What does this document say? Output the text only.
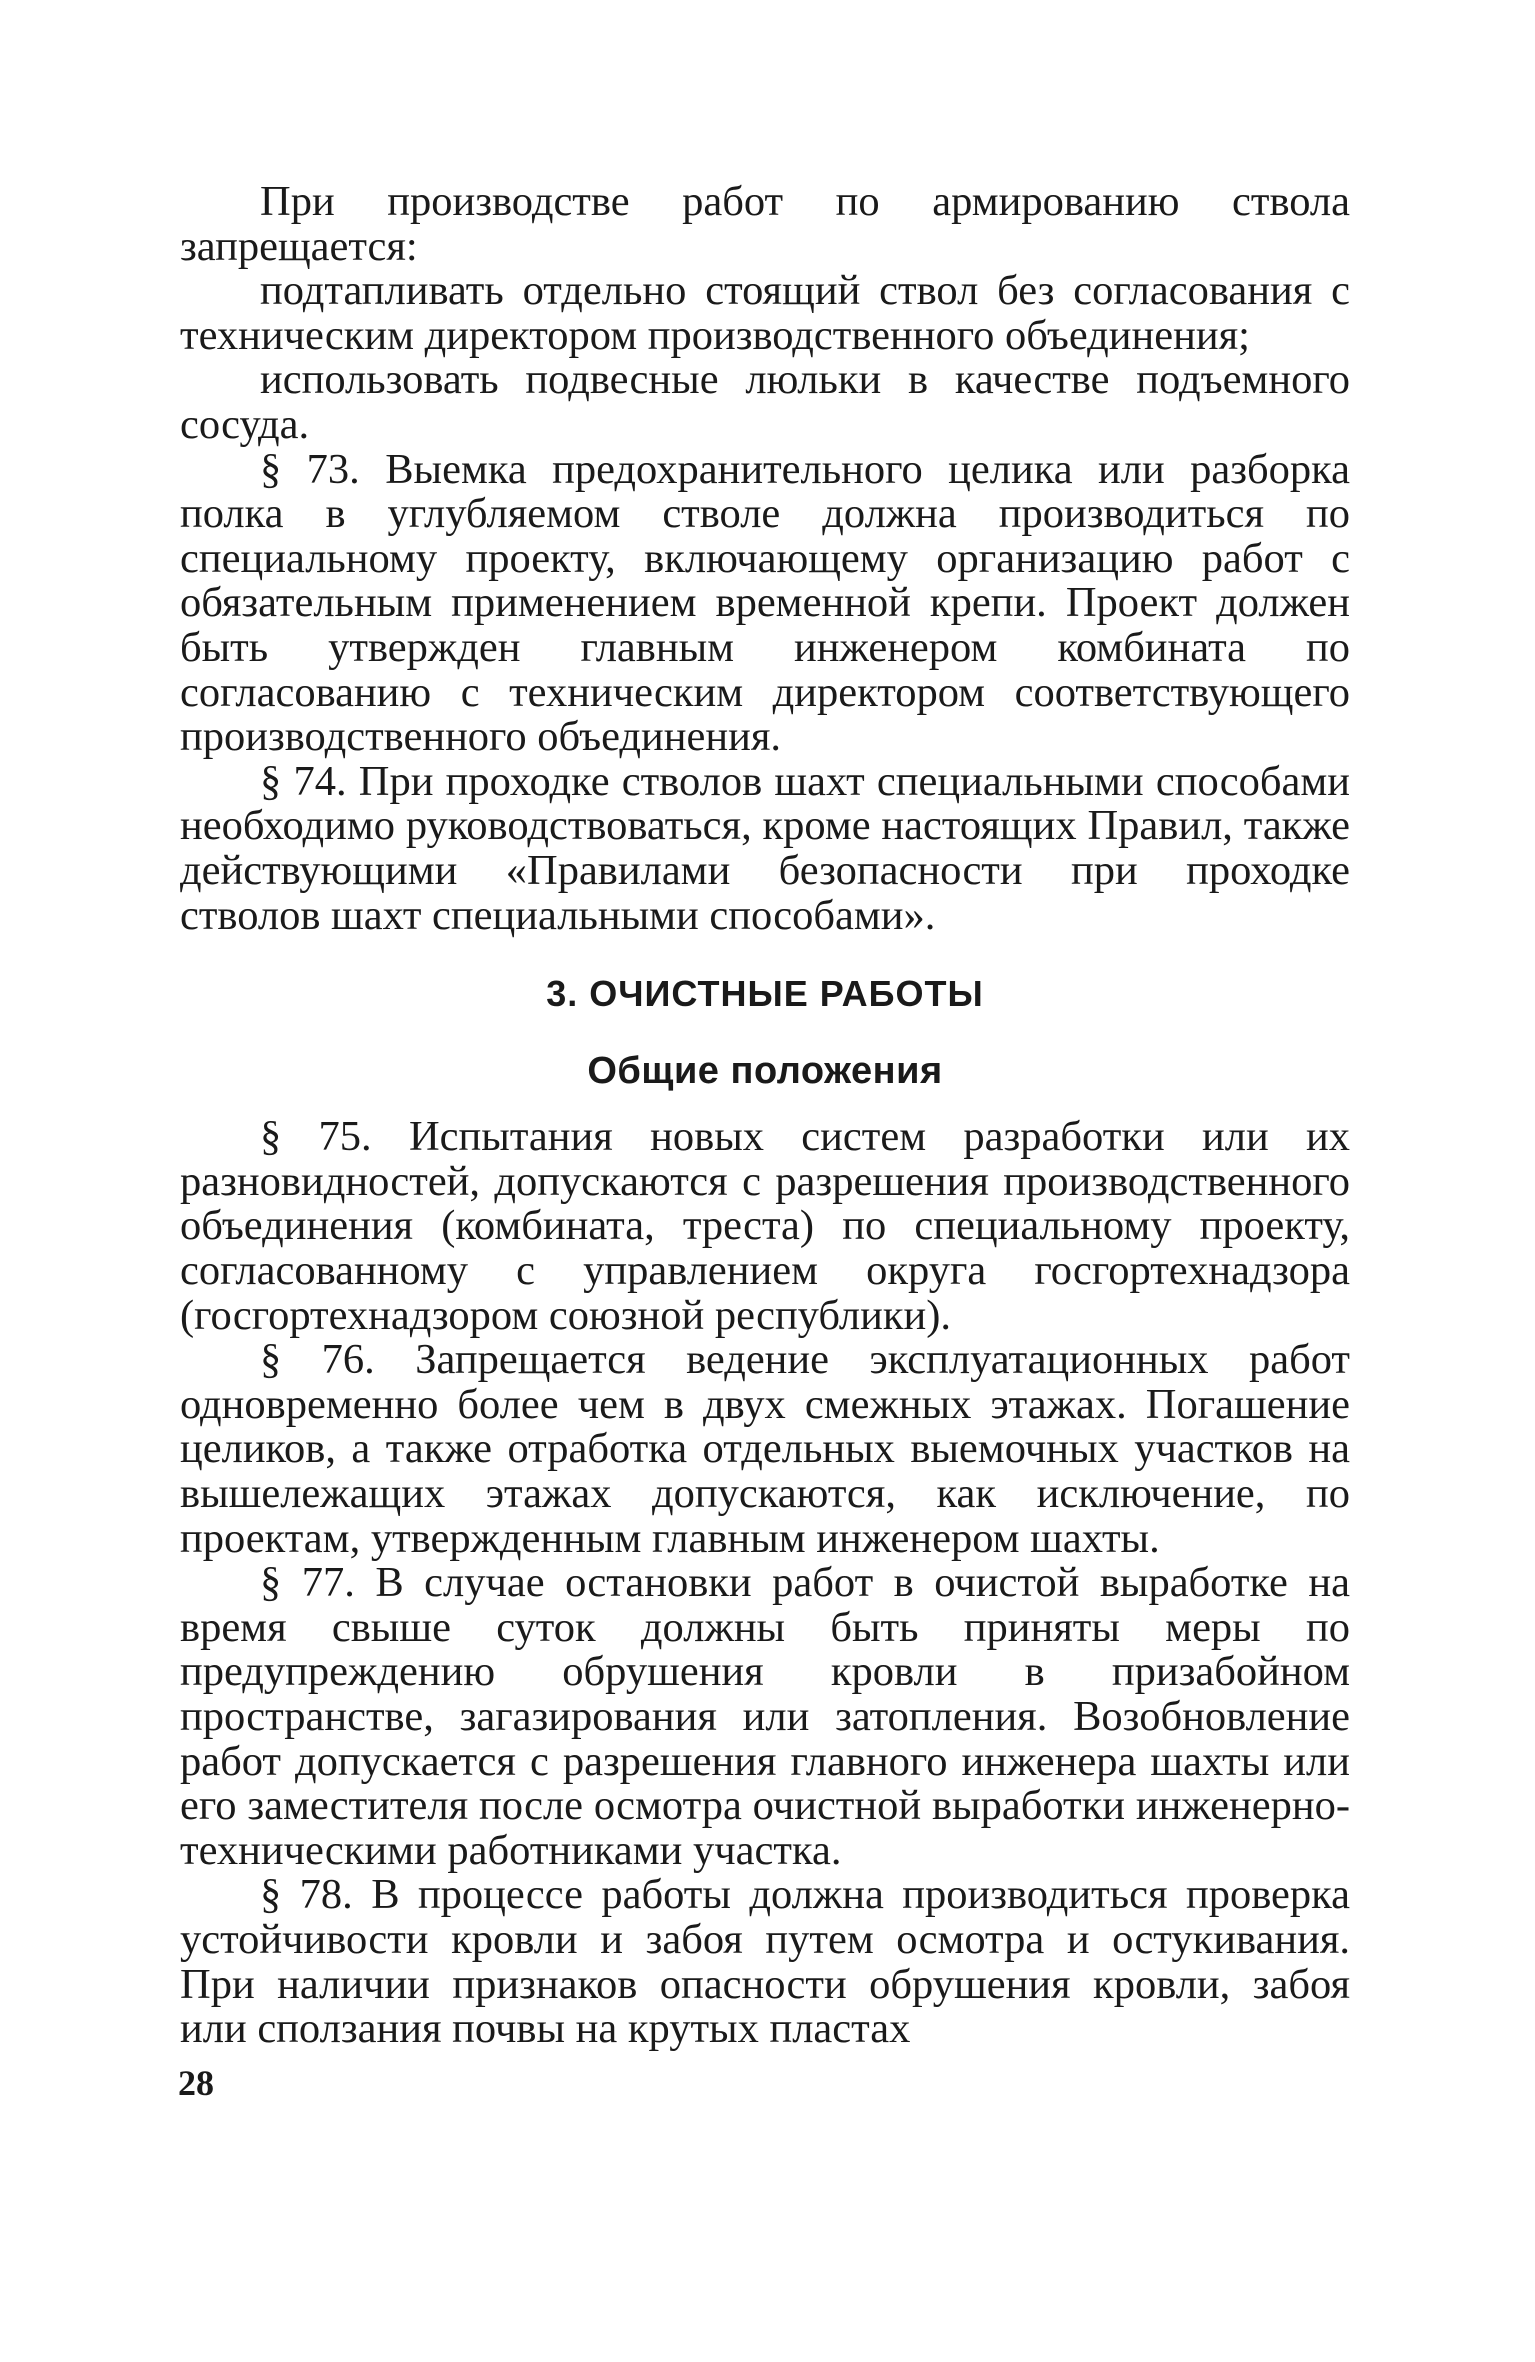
При производстве работ по армированию ствола запрещается:

подтапливать отдельно стоящий ствол без согласования с техническим директором производственного объединения;

использовать подвесные люльки в качестве подъемного сосуда.

§ 73. Выемка предохранительного целика или разборка полка в углубляемом стволе должна производиться по специальному проекту, включающему организацию работ с обязательным применением временной крепи. Проект должен быть утвержден главным инженером комбината по согласованию с техническим директором соответствующего производственного объединения.

§ 74. При проходке стволов шахт специальными способами необходимо руководствоваться, кроме настоящих Правил, также действующими «Правилами безопасности при проходке стволов шахт специальными способами».

3. ОЧИСТНЫЕ РАБОТЫ
Общие положения

§ 75. Испытания новых систем разработки или их разновидностей, допускаются с разрешения производственного объединения (комбината, треста) по специальному проекту, согласованному с управлением округа госгортехнадзора (госгортехнадзором союзной республики).

§ 76. Запрещается ведение эксплуатационных работ одновременно более чем в двух смежных этажах. Погашение целиков, а также отработка отдельных выемочных участков на вышележащих этажах допускаются, как исключение, по проектам, утвержденным главным инженером шахты.

§ 77. В случае остановки работ в очистой выработке на время свыше суток должны быть приняты меры по предупреждению обрушения кровли в призабойном пространстве, загазирования или затопления. Возобновление работ допускается с разрешения главного инженера шахты или его заместителя после осмотра очистной выработки инженерно-техническими работниками участка.

§ 78. В процессе работы должна производиться проверка устойчивости кровли и забоя путем осмотра и остукивания. При наличии признаков опасности обрушения кровли, забоя или сползания почвы на крутых пластах

28
